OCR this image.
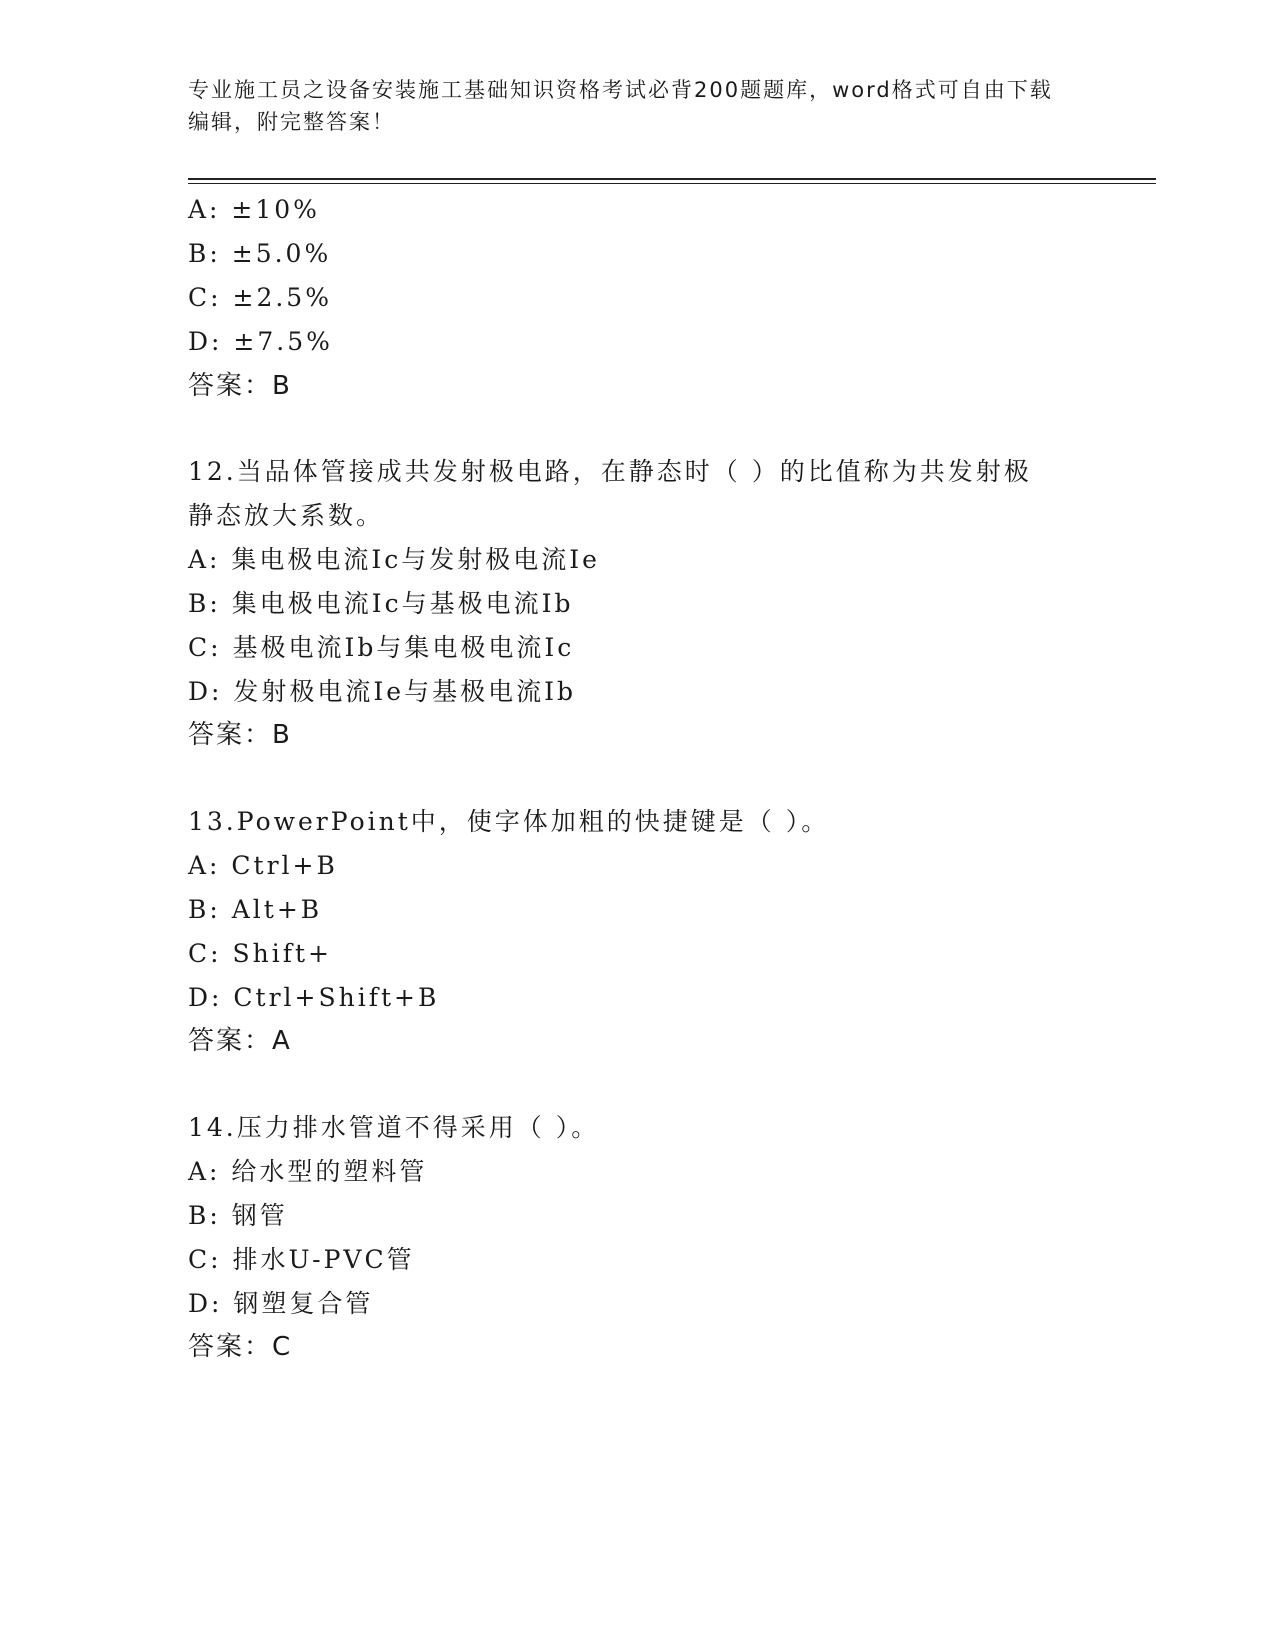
专业施工员之设备安装施工基础知识资格考试必背200题题库，word格式可自由下载编辑，附完整答案！
A: ±10%
B: ±5.0%
C: ±2.5%
D: ±7.5%
答案：B
12.当品体管接成共发射极电路，在静态时（ ）的比值称为共发射极
静态放大系数。
A: 集电极电流Ic与发射极电流Ie
B: 集电极电流Ic与基极电流Ib
C: 基极电流Ib与集电极电流Ic
D: 发射极电流Ie与基极电流Ib
答案：B
13.PowerPoint中，使字体加粗的快捷键是（ ）。
A: Ctrl+B
B: Alt+B
C: Shift+
D: Ctrl+Shift+B
答案：A
14.压力排水管道不得采用（ ）。
A: 给水型的塑料管
B: 钢管
C: 排水U-PVC管
D: 钢塑复合管
答案：C
